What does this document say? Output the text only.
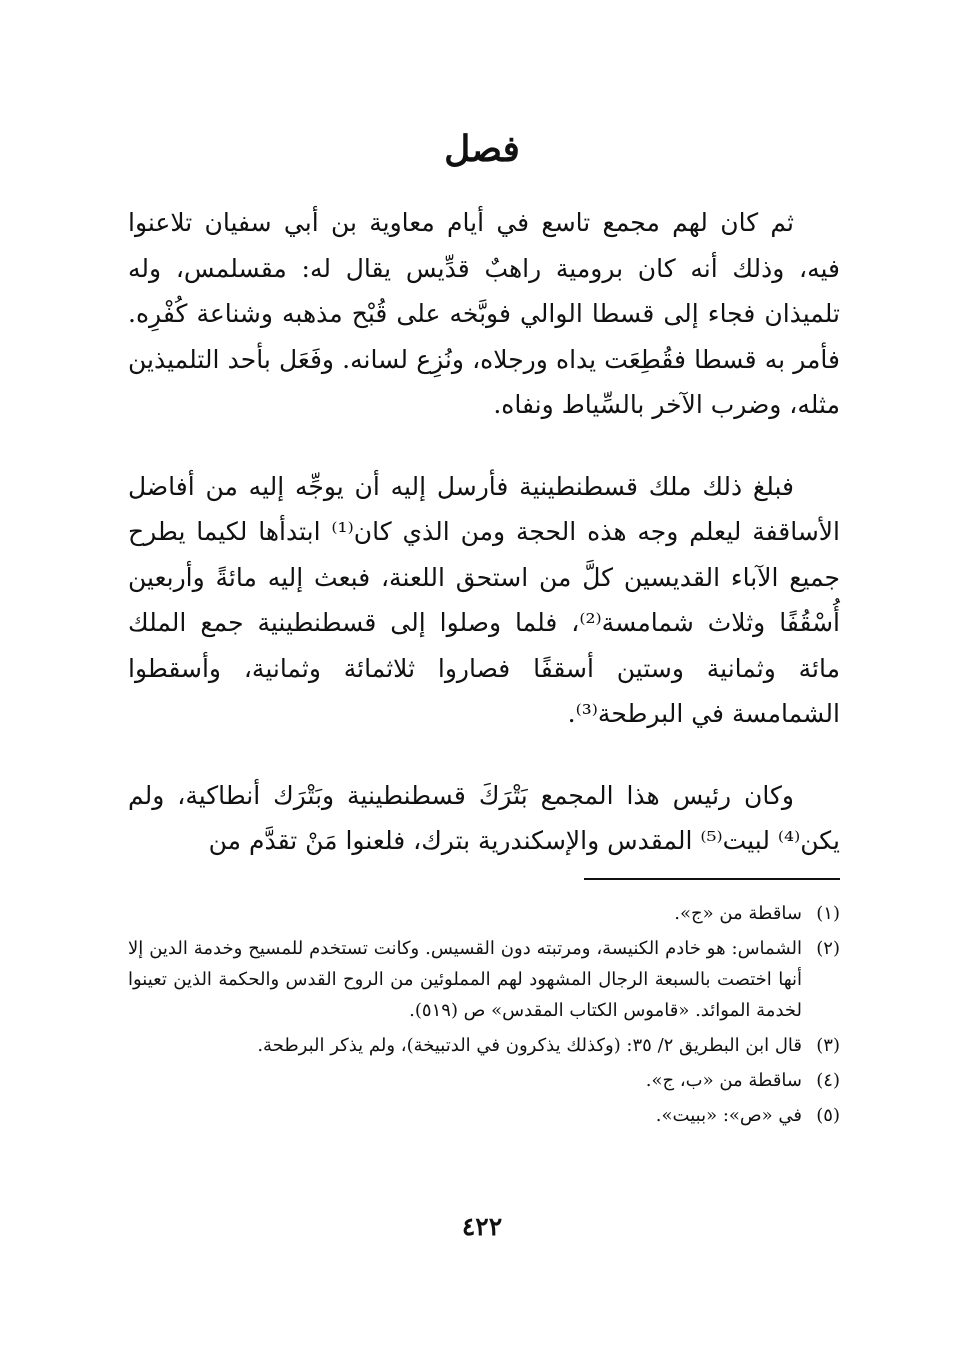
فصل

ثم كان لهم مجمع تاسع في أيام معاوية بن أبي سفيان تلاعنوا فيه، وذلك أنه كان برومية راهبٌ قدِّيس يقال له: مقسلمس، وله تلميذان فجاء إلى قسطا الوالي فوبَّخه على قُبْح مذهبه وشناعة كُفْرِه. فأمر به قسطا فقُطِعَت يداه ورجلاه، ونُزِع لسانه. وفَعَل بأحد التلميذين مثله، وضرب الآخر بالسِّياط ونفاه.

فبلغ ذلك ملك قسطنطينية فأرسل إليه أن يوجِّه إليه من أفاضل الأساقفة ليعلم وجه هذه الحجة ومن الذي كان⁽¹⁾ ابتدأها لكيما يطرح جميع الآباء القديسين كلَّ من استحق اللعنة، فبعث إليه مائةً وأربعين أُسْقُفًا وثلاث شمامسة⁽²⁾، فلما وصلوا إلى قسطنطينية جمع الملك مائة وثمانية وستين أسقفًا فصاروا ثلاثمائة وثمانية، وأسقطوا الشمامسة في البرطحة⁽³⁾.

وكان رئيس هذا المجمع بَتْرَكَ قسطنطينية وبَتْرَك أنطاكية، ولم يكن⁽⁴⁾ لبيت⁽⁵⁾ المقدس والإسكندرية بترك، فلعنوا مَنْ تقدَّم من

(١)
ساقطة من «ج».
(٢)
الشماس: هو خادم الكنيسة، ومرتبته دون القسيس. وكانت تستخدم للمسيح وخدمة الدين إلا أنها اختصت بالسبعة الرجال المشهود لهم المملوئين من الروح القدس والحكمة الذين تعينوا لخدمة الموائد. «قاموس الكتاب المقدس» ص (٥١٩).
(٣)
قال ابن البطريق ٢/ ٣٥: (وكذلك يذكرون في الدتبيخة)، ولم يذكر البرطحة.
(٤)
ساقطة من «ب، ج».
(٥)
في «ص»: «ببيت».
٤٢٢
